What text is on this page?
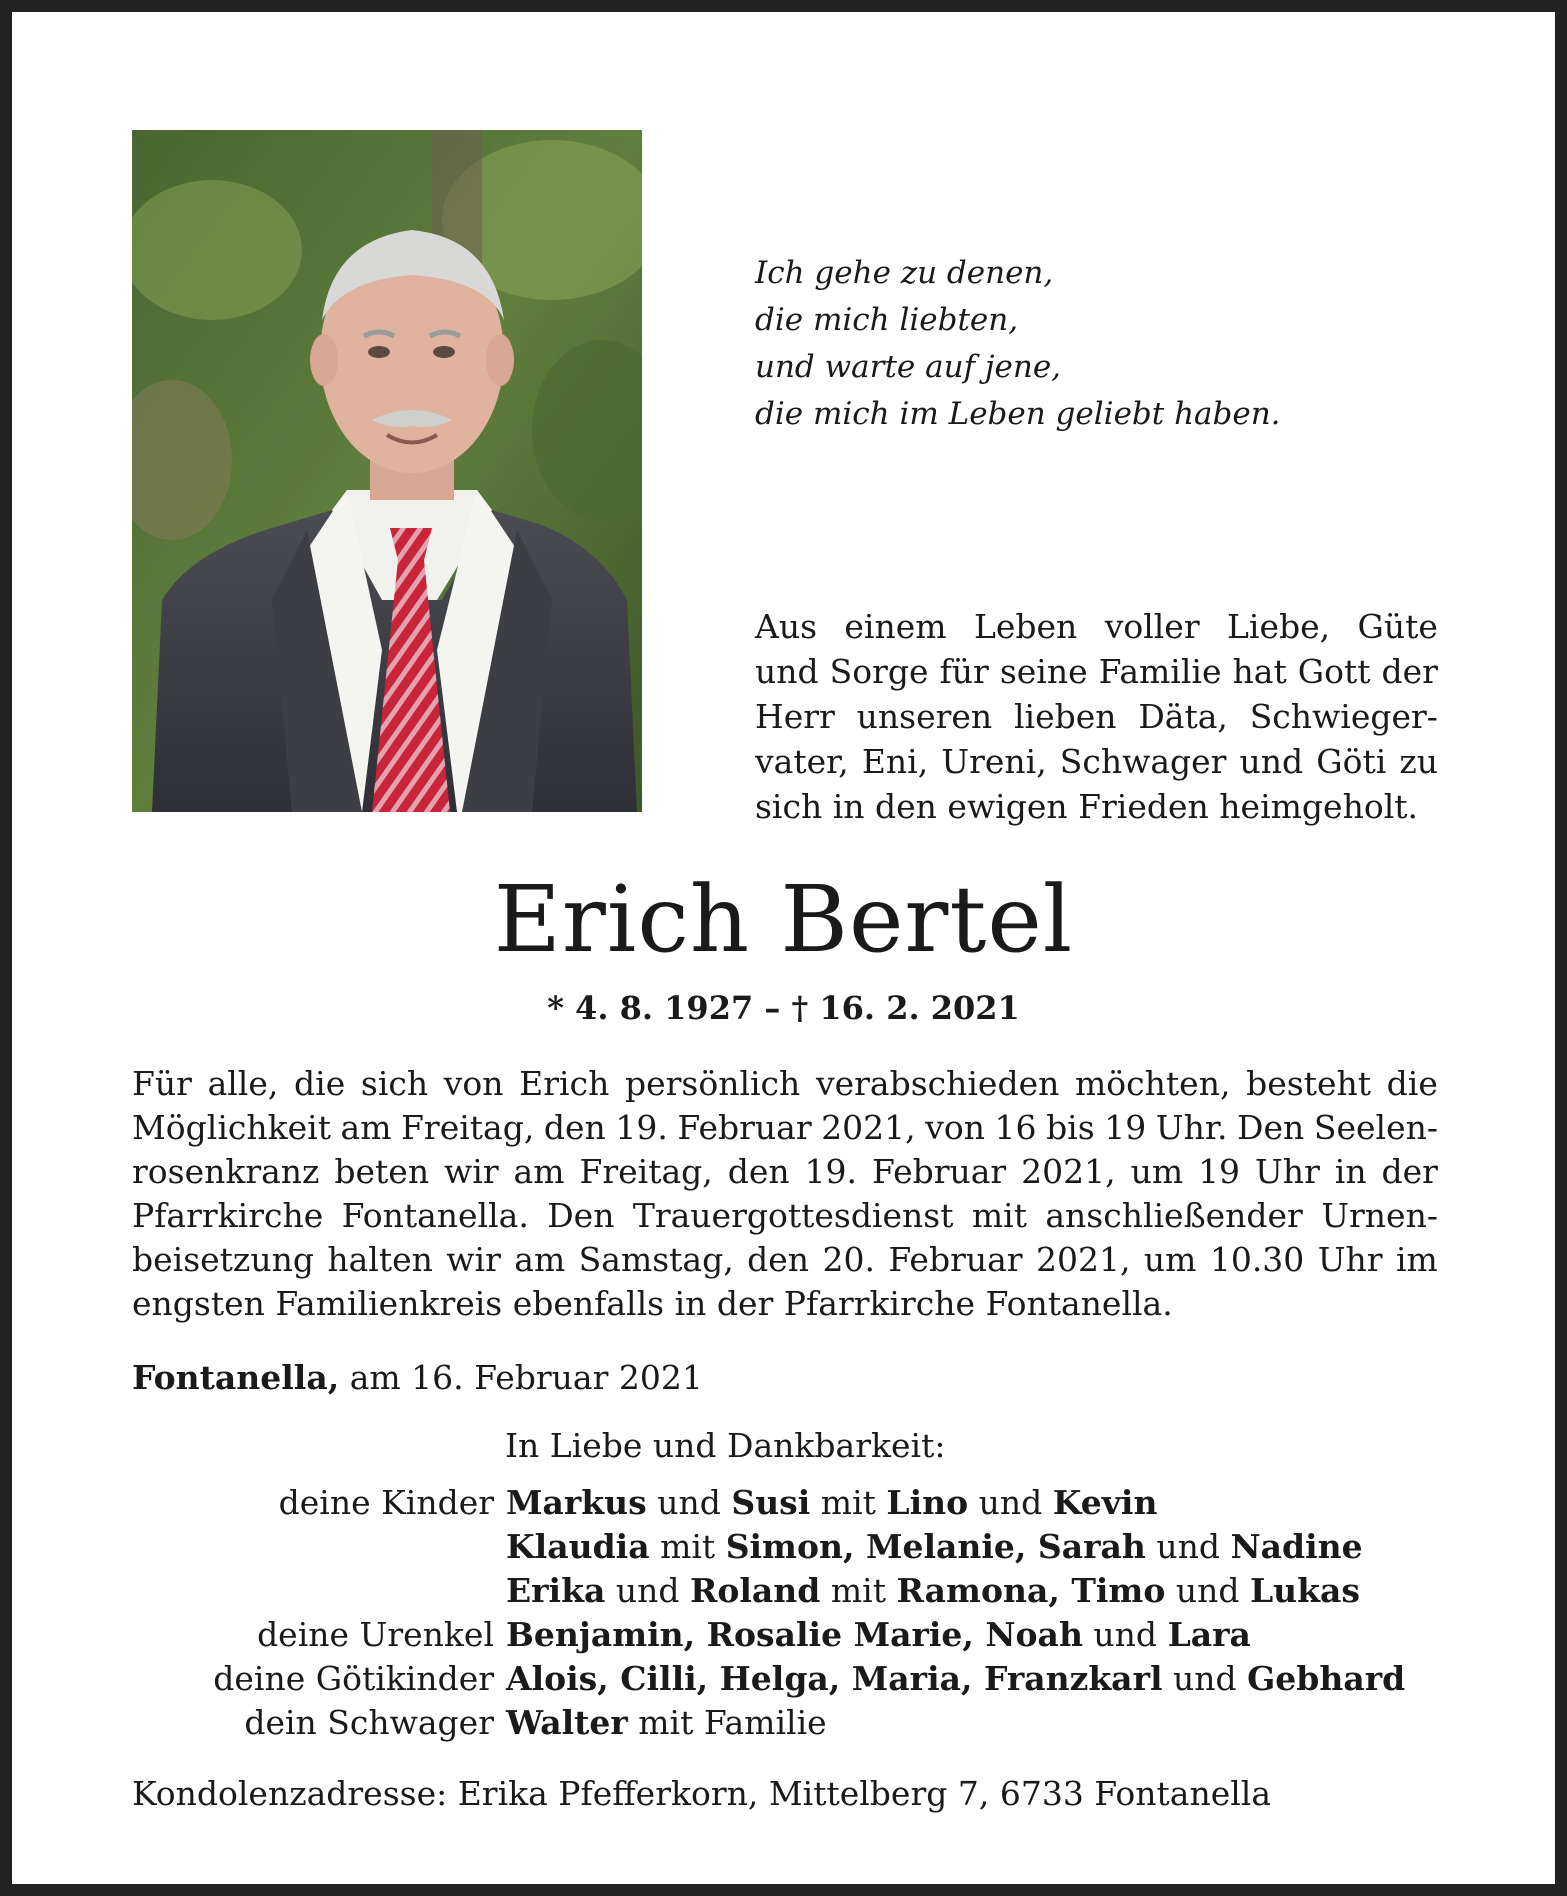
Ich gehe zu denen,
die mich liebten,
und warte auf jene,
die mich im Leben geliebt haben.
Aus einem Leben voller Liebe, Güte
und Sorge für seine Familie hat Gott der
Herr unseren lieben Däta, Schwieger-
vater, Eni, Ureni, Schwager und Göti zu
sich in den ewigen Frieden heimgeholt.
Erich Bertel
* 4. 8. 1927 – † 16. 2. 2021
Für alle, die sich von Erich persönlich verabschieden möchten, besteht die
Möglichkeit am Freitag, den 19. Februar 2021, von 16 bis 19 Uhr. Den Seelen-
rosenkranz beten wir am Freitag, den 19. Februar 2021, um 19 Uhr in der
Pfarrkirche Fontanella. Den Trauergottesdienst mit anschließender Urnen-
beisetzung halten wir am Samstag, den 20. Februar 2021, um 10.30 Uhr im
engsten Familienkreis ebenfalls in der Pfarrkirche Fontanella.
Fontanella, am 16. Februar 2021
In Liebe und Dankbarkeit:
deine Kinder Markus und Susi mit Lino und Kevin
Klaudia mit Simon, Melanie, Sarah und Nadine
Erika und Roland mit Ramona, Timo und Lukas
deine Urenkel Benjamin, Rosalie Marie, Noah und Lara
deine Götikinder Alois, Cilli, Helga, Maria, Franzkarl und Gebhard
dein Schwager Walter mit Familie
Kondolenzadresse: Erika Pfefferkorn, Mittelberg 7, 6733 Fontanella
